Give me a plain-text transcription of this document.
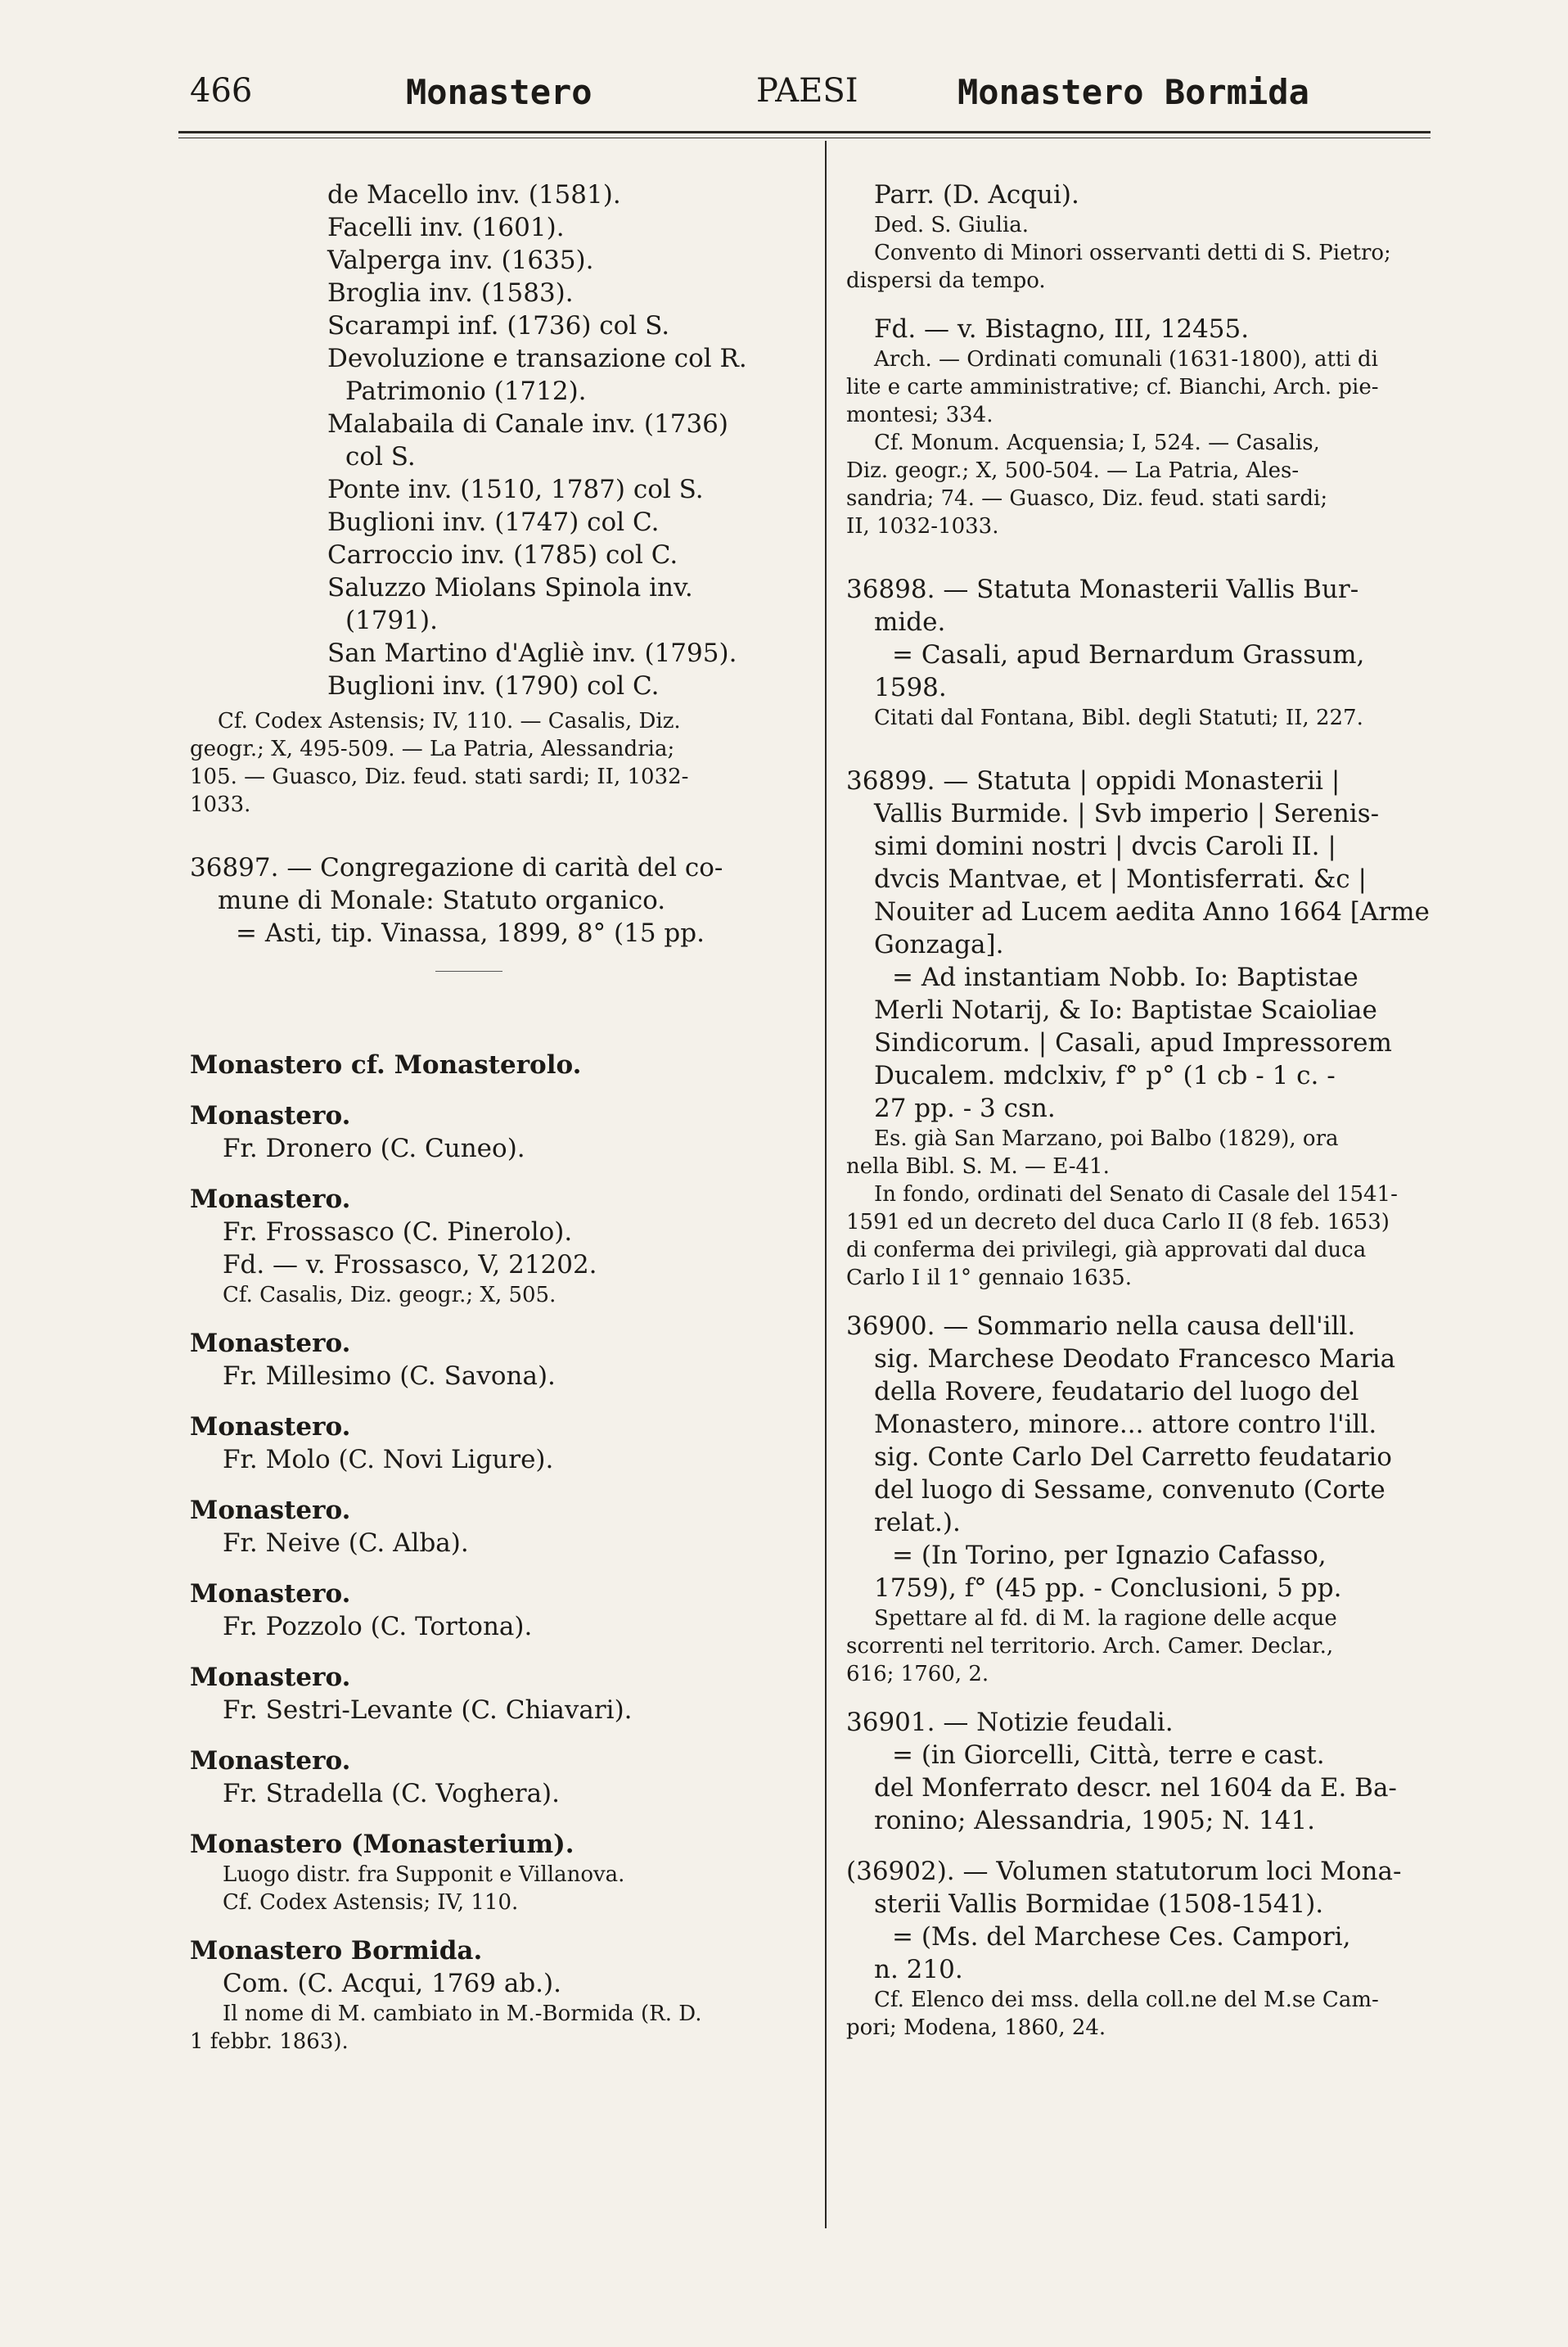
466	Monastero	PAESI	Monastero Bormida
de Macello inv. (1581).
Facelli inv. (1601).
Valperga inv. (1635).
Broglia inv. (1583).
Scarampi inf. (1736) col S.
Devoluzione e transazione col R.
Patrimonio (1712).
Malabaila di Canale inv. (1736)
col S.
Ponte inv. (1510, 1787) col S.
Buglioni inv. (1747) col C.
Carroccio inv. (1785) col C.
Saluzzo Miolans Spinola inv.
(1791).
San Martino d'Agliè inv. (1795).
Buglioni inv. (1790) col C.
Cf. Codex Astensis; IV, 110. — Casalis, Diz.
geogr.; X, 495-509. — La Patria, Alessandria;
105. — Guasco, Diz. feud. stati sardi; II, 1032-
1033.
36897. — Congregazione di carità del co-
mune di Monale: Statuto organico.
= Asti, tip. Vinassa, 1899, 8° (15 pp.
Monastero cf. Monasterolo.
Monastero.
Fr. Dronero (C. Cuneo).
Monastero.
Fr. Frossasco (C. Pinerolo).
Fd. — v. Frossasco, V, 21202.
Cf. Casalis, Diz. geogr.; X, 505.
Monastero.
Fr. Millesimo (C. Savona).
Monastero.
Fr. Molo (C. Novi Ligure).
Monastero.
Fr. Neive (C. Alba).
Monastero.
Fr. Pozzolo (C. Tortona).
Monastero.
Fr. Sestri-Levante (C. Chiavari).
Monastero.
Fr. Stradella (C. Voghera).
Monastero (Monasterium).
Luogo distr. fra Supponit e Villanova.
Cf. Codex Astensis; IV, 110.
Monastero Bormida.
Com. (C. Acqui, 1769 ab.).
Il nome di M. cambiato in M.-Bormida (R. D.
1 febbr. 1863).
Parr. (D. Acqui).
Ded. S. Giulia.
Convento di Minori osservanti detti di S. Pietro;
dispersi da tempo.
Fd. — v. Bistagno, III, 12455.
Arch. — Ordinati comunali (1631-1800), atti di
lite e carte amministrative; cf. Bianchi, Arch. pie-
montesi; 334.
Cf. Monum. Acquensia; I, 524. — Casalis,
Diz. geogr.; X, 500-504. — La Patria, Ales-
sandria; 74. — Guasco, Diz. feud. stati sardi;
II, 1032-1033.
36898. — Statuta Monasterii Vallis Bur-
mide.
= Casali, apud Bernardum Grassum,
1598.
Citati dal Fontana, Bibl. degli Statuti; II, 227.
36899. — Statuta | oppidi Monasterii |
Vallis Burmide. | Svb imperio | Serenis-
simi domini nostri | dvcis Caroli II. |
dvcis Mantvae, et | Montisferrati. &c |
Nouiter ad Lucem aedita Anno 1664 [Arme
Gonzaga].
= Ad instantiam Nobb. Io: Baptistae
Merli Notarij, & Io: Baptistae Scaioliae
Sindicorum. | Casali, apud Impressorem
Ducalem. mdclxiv, f° p° (1 cb - 1 c. -
27 pp. - 3 csn.
Es. già San Marzano, poi Balbo (1829), ora
nella Bibl. S. M. — E-41.
In fondo, ordinati del Senato di Casale del 1541-
1591 ed un decreto del duca Carlo II (8 feb. 1653)
di conferma dei privilegi, già approvati dal duca
Carlo I il 1° gennaio 1635.
36900. — Sommario nella causa dell'ill.
sig. Marchese Deodato Francesco Maria
della Rovere, feudatario del luogo del
Monastero, minore... attore contro l'ill.
sig. Conte Carlo Del Carretto feudatario
del luogo di Sessame, convenuto (Corte
relat.).
= (In Torino, per Ignazio Cafasso,
1759), f° (45 pp. - Conclusioni, 5 pp.
Spettare al fd. di M. la ragione delle acque
scorrenti nel territorio. Arch. Camer. Declar.,
616; 1760, 2.
36901. — Notizie feudali.
= (in Giorcelli, Città, terre e cast.
del Monferrato descr. nel 1604 da E. Ba-
ronino; Alessandria, 1905; N. 141.
(36902). — Volumen statutorum loci Mona-
sterii Vallis Bormidae (1508-1541).
= (Ms. del Marchese Ces. Campori,
n. 210.
Cf. Elenco dei mss. della coll.ne del M.se Cam-
pori; Modena, 1860, 24.
